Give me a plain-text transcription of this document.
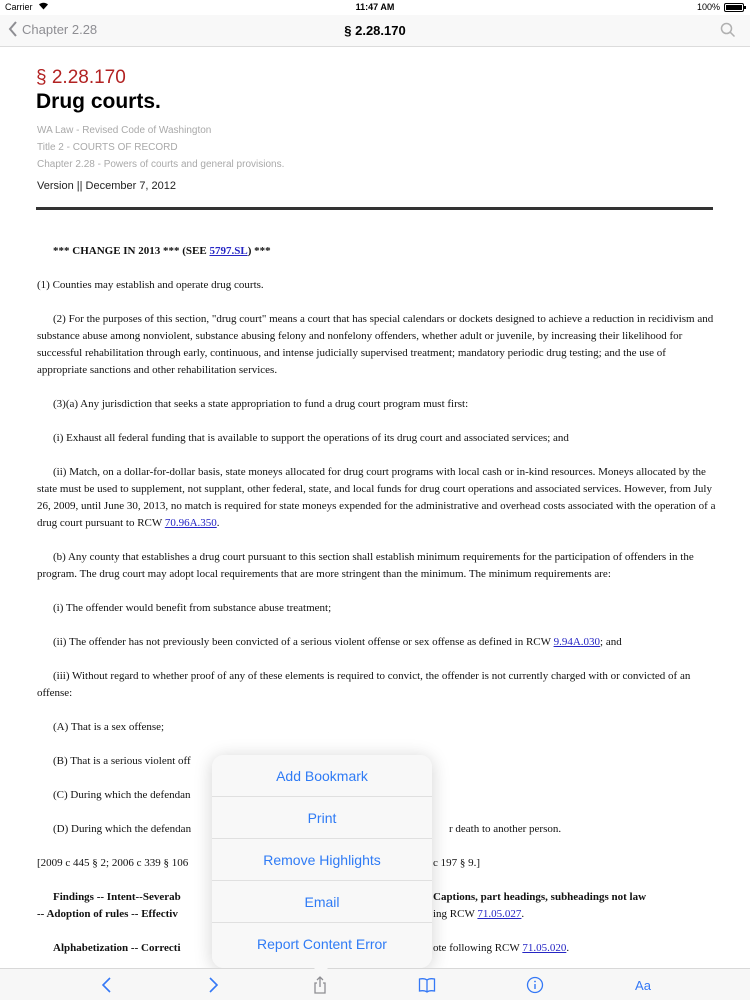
Carrier	11:47 AM	100%
Chapter 2.28	§ 2.28.170
§ 2.28.170
Drug courts.
WA Law - Revised Code of Washington
Title 2 - COURTS OF RECORD
Chapter 2.28 - Powers of courts and general provisions.
Version || December 7, 2012

*** CHANGE IN 2013 *** (SEE 5797.SL) ***

(1) Counties may establish and operate drug courts.

(2) For the purposes of this section, "drug court" means a court that has special calendars or dockets designed to achieve a reduction in recidivism and substance abuse among nonviolent, substance abusing felony and nonfelony offenders, whether adult or juvenile, by increasing their likelihood for successful rehabilitation through early, continuous, and intense judicially supervised treatment; mandatory periodic drug testing; and the use of appropriate sanctions and other rehabilitation services.

(3)(a) Any jurisdiction that seeks a state appropriation to fund a drug court program must first:

(i) Exhaust all federal funding that is available to support the operations of its drug court and associated services; and

(ii) Match, on a dollar-for-dollar basis, state moneys allocated for drug court programs with local cash or in-kind resources. Moneys allocated by the state must be used to supplement, not supplant, other federal, state, and local funds for drug court operations and associated services. However, from July 26, 2009, until June 30, 2013, no match is required for state moneys expended for the administrative and overhead costs associated with the operation of a drug court pursuant to RCW 70.96A.350.

(b) Any county that establishes a drug court pursuant to this section shall establish minimum requirements for the participation of offenders in the program. The drug court may adopt local requirements that are more stringent than the minimum. The minimum requirements are:

(i) The offender would benefit from substance abuse treatment;

(ii) The offender has not previously been convicted of a serious violent offense or sex offense as defined in RCW 9.94A.030; and

(iii) Without regard to whether proof of any of these elements is required to convict, the offender is not currently charged with or convicted of an offense:

(A) That is a sex offense;

(B) That is a serious violent off

(C) During which the defendan

(D) During which the defendan	r death to another person.

[2009 c 445 § 2; 2006 c 339 § 106	c 197 § 9.]

Findings -- Intent--Severab	Captions, part headings, subheadings not law

-- Adoption of rules -- Effectiv	ing RCW 71.05.027.

Alphabetization -- Correcti	ote following RCW 71.05.020.

Add Bookmark
Print
Remove Highlights
Email
Report Content Error
Aa
